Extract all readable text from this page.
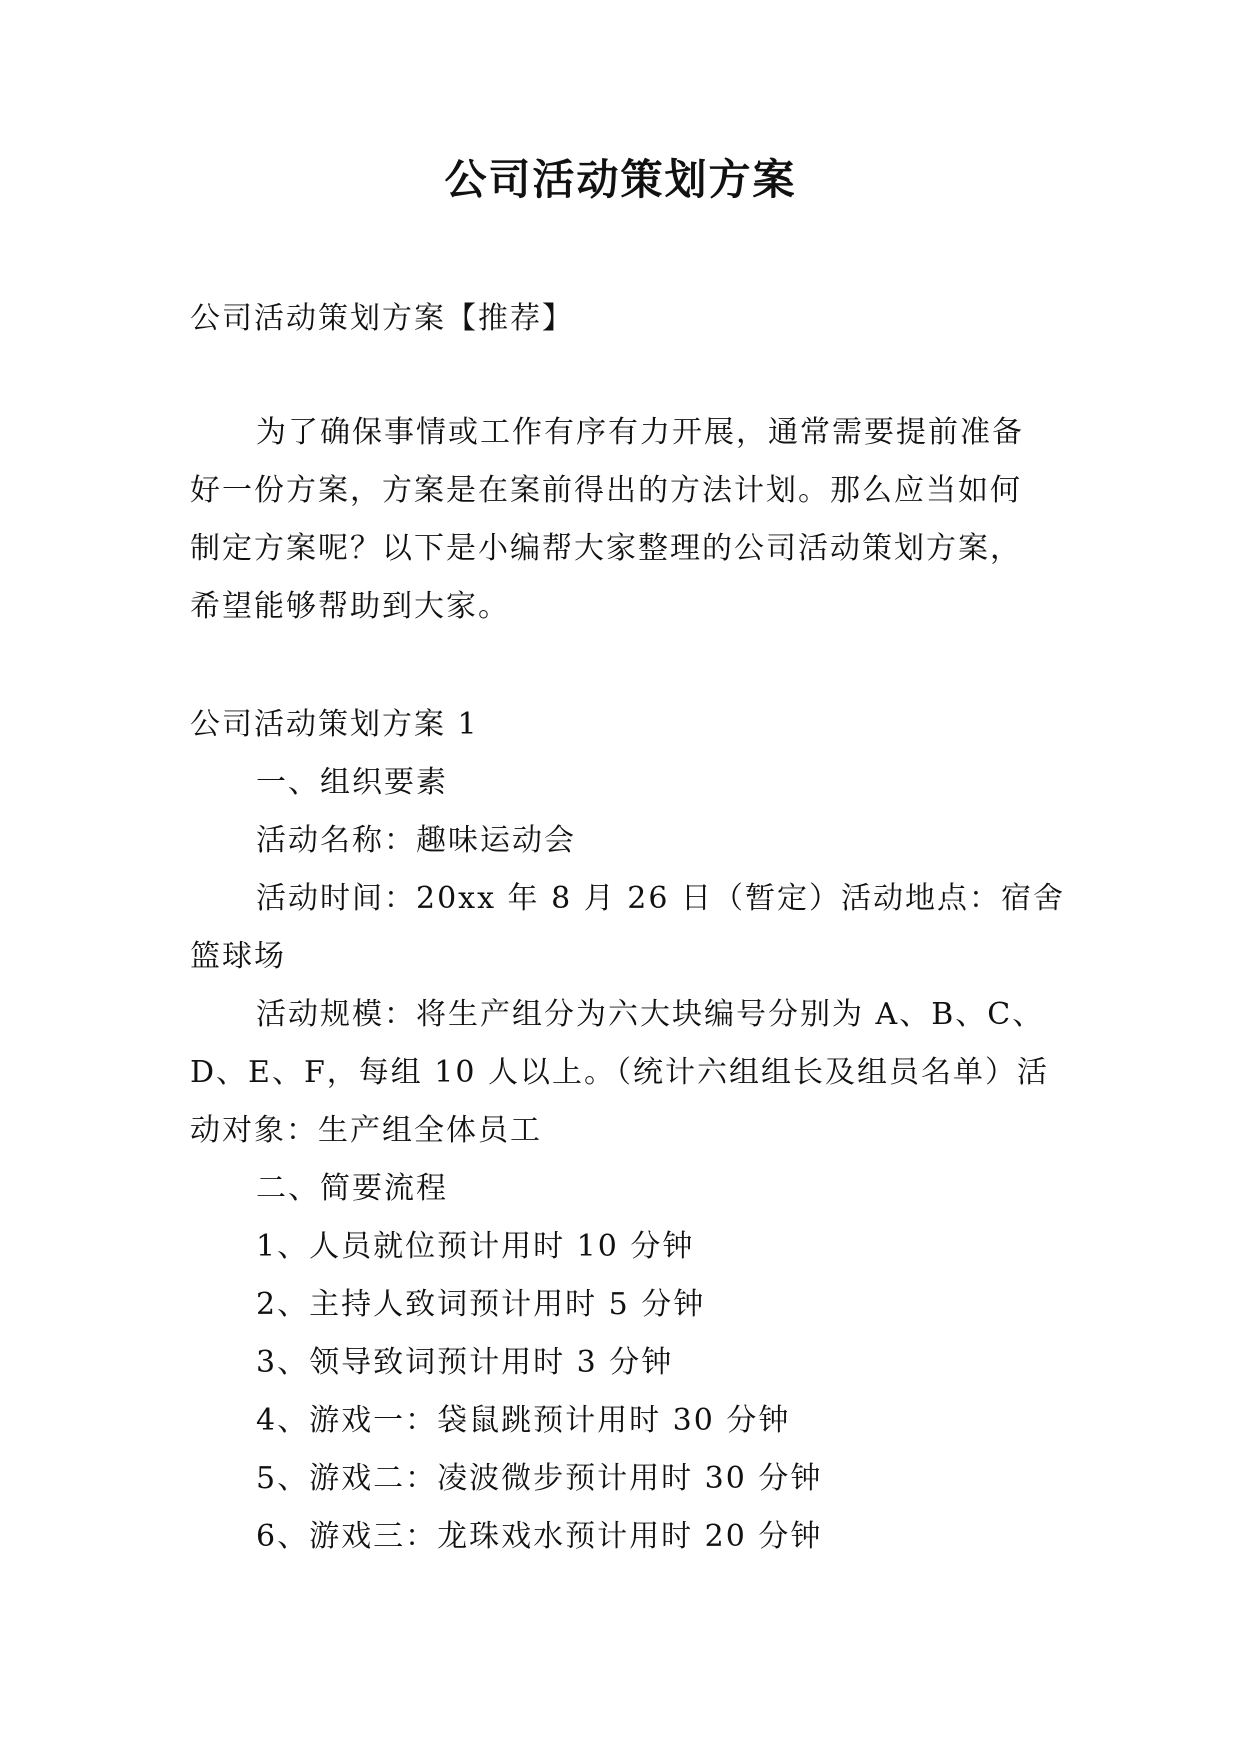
公司活动策划方案
公司活动策划方案【推荐】
为了确保事情或工作有序有力开展，通常需要提前准备
好一份方案，方案是在案前得出的方法计划。那么应当如何
制定方案呢？以下是小编帮大家整理的公司活动策划方案，
希望能够帮助到大家。
公司活动策划方案 1
一、组织要素
活动名称：趣味运动会
活动时间：20xx 年 8 月 26 日（暂定）活动地点：宿舍
篮球场
活动规模：将生产组分为六大块编号分别为 A、B、C、
D、E、F，每组 10 人以上。（统计六组组长及组员名单）活
动对象：生产组全体员工
二、简要流程
1、人员就位预计用时 10 分钟
2、主持人致词预计用时 5 分钟
3、领导致词预计用时 3 分钟
4、游戏一：袋鼠跳预计用时 30 分钟
5、游戏二：凌波微步预计用时 30 分钟
6、游戏三：龙珠戏水预计用时 20 分钟
